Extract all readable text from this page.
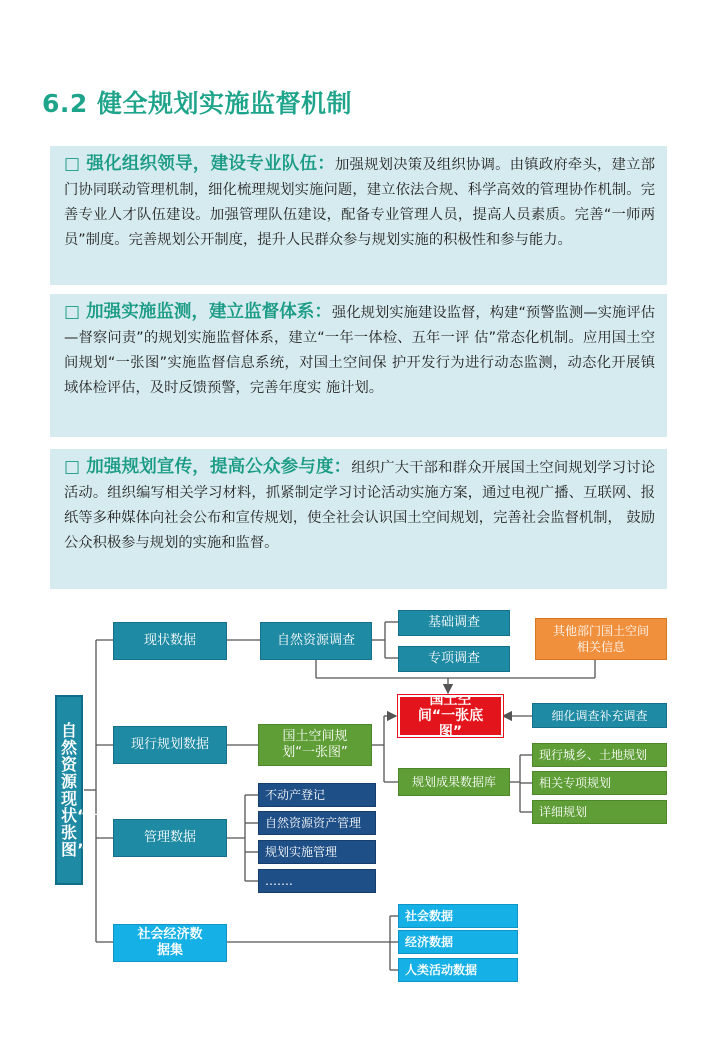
6.2 健全规划实施监督机制
□ 强化组织领导，建设专业队伍：加强规划决策及组织协调。由镇政府牵头，建立部门协同联动管理机制，细化梳理规划实施问题，建立依法合规、科学高效的管理协作机制。完善专业人才队伍建设。加强管理队伍建设，配备专业管理人员，提高人员素质。完善“一师两员”制度。完善规划公开制度，提升人民群众参与规划实施的积极性和参与能力。
□ 加强实施监测，建立监督体系：强化规划实施建设监督，构建“预警监测—实施评估—督察问责”的规划实施监督体系，建立“一年一体检、五年一评 估”常态化机制。应用国土空间规划“一张图”实施监督信息系统，对国土空间保 护开发行为进行动态监测，动态化开展镇域体检评估，及时反馈预警，完善年度实 施计划。
□ 加强规划宣传，提高公众参与度：组织广大干部和群众开展国土空间规划学习讨论活动。组织编写相关学习材料，抓紧制定学习讨论活动实施方案，通过电视广播、互联网、报纸等多种媒体向社会公布和宣传规划，使全社会认识国土空间规划，完善社会监督机制， 鼓励公众积极参与规划的实施和监督。
自然资源现状“一张图”
现状数据
现行规划数据
管理数据
社会经济数据集
自然资源调查
基础调查
专项调查
其他部门国土空间相关信息
国土空间“一张底图”
细化调查补充调查
国土空间规划“一张图”
规划成果数据库
现行城乡、土地规划
相关专项规划
详细规划
不动产登记
自然资源资产管理
规划实施管理
…….
社会数据
经济数据
人类活动数据
